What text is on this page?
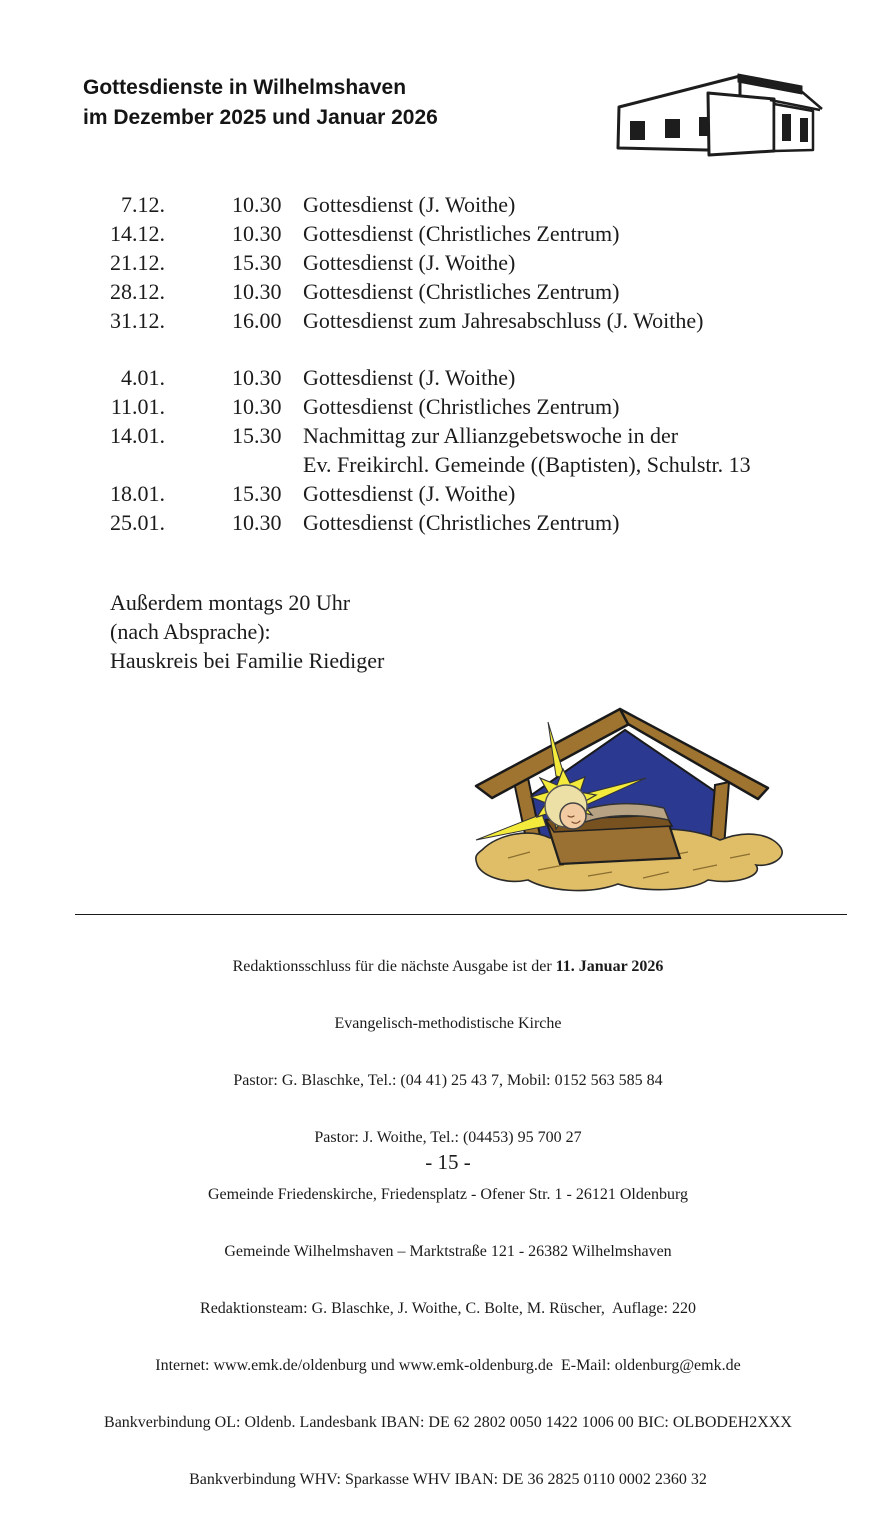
Gottesdienste in Wilhelmshaven
im Dezember 2025 und Januar 2026
7.12.	10.30 Gottesdienst (J. Woithe)
14.12.	10.30 Gottesdienst (Christliches Zentrum)
21.12.	15.30 Gottesdienst (J. Woithe)
28.12.	10.30 Gottesdienst (Christliches Zentrum)
31.12.	16.00 Gottesdienst zum Jahresabschluss (J. Woithe)
4.01.	10.30 Gottesdienst (J. Woithe)
11.01.	10.30 Gottesdienst (Christliches Zentrum)
14.01.	15.30 Nachmittag zur Allianzgebetswoche in der
Ev. Freikirchl. Gemeinde ((Baptisten), Schulstr. 13
18.01.	15.30 Gottesdienst (J. Woithe)
25.01.	10.30 Gottesdienst (Christliches Zentrum)
Außerdem montags 20 Uhr
(nach Absprache):
Hauskreis bei Familie Riediger

Redaktionsschluss für die nächste Ausgabe ist der 11. Januar 2026

Evangelisch-methodistische Kirche

Pastor: G. Blaschke, Tel.: (04 41) 25 43 7, Mobil: 0152 563 585 84

Pastor: J. Woithe, Tel.: (04453) 95 700 27

Gemeinde Friedenskirche, Friedensplatz - Ofener Str. 1 - 26121 Oldenburg

Gemeinde Wilhelmshaven – Marktstraße 121 - 26382 Wilhelmshaven

Redaktionsteam: G. Blaschke, J. Woithe, C. Bolte, M. Rüscher,  Auflage: 220

Internet: www.emk.de/oldenburg und www.emk-oldenburg.de  E-Mail: oldenburg@emk.de

Bankverbindung OL: Oldenb. Landesbank IBAN: DE 62 2802 0050 1422 1006 00 BIC: OLBODEH2XXX

Bankverbindung WHV: Sparkasse WHV IBAN: DE 36 2825 0110 0002 2360 32

- 15 -
